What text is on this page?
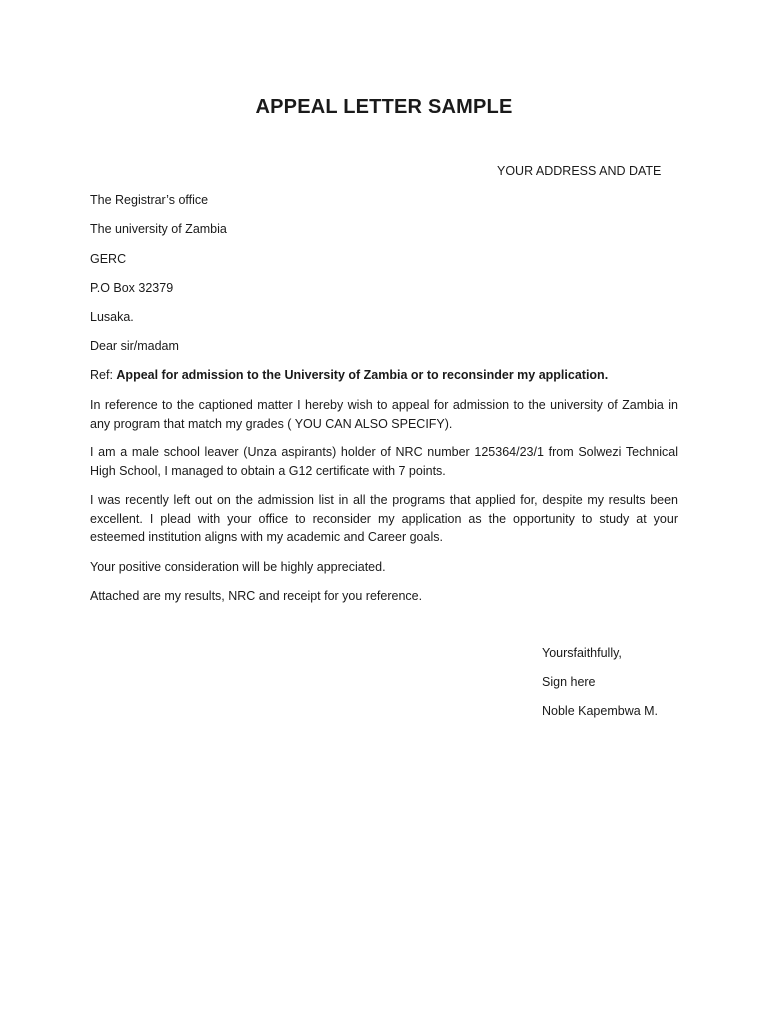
APPEAL LETTER SAMPLE

YOUR ADDRESS AND DATE

The Registrar’s office

The university of Zambia

GERC

P.O Box 32379

Lusaka.

Dear sir/madam

Ref: Appeal for admission to the University of Zambia or to reconsinder my application.

In reference to the captioned matter I hereby wish to appeal for admission to the university of Zambia in any program that match my grades ( YOU CAN ALSO SPECIFY).

I am a male school leaver (Unza aspirants) holder of NRC number 125364/23/1 from Solwezi Technical High School, I managed to obtain a G12 certificate with 7 points.

I was recently left out on the admission list in all the programs that applied for, despite my results been excellent. I plead with your office to reconsider my application as the opportunity to study at your esteemed institution aligns with my academic and Career goals.

Your positive consideration will be highly appreciated.

Attached are my results, NRC and receipt for you reference.

Yoursfaithfully,

Sign here

Noble Kapembwa M.
